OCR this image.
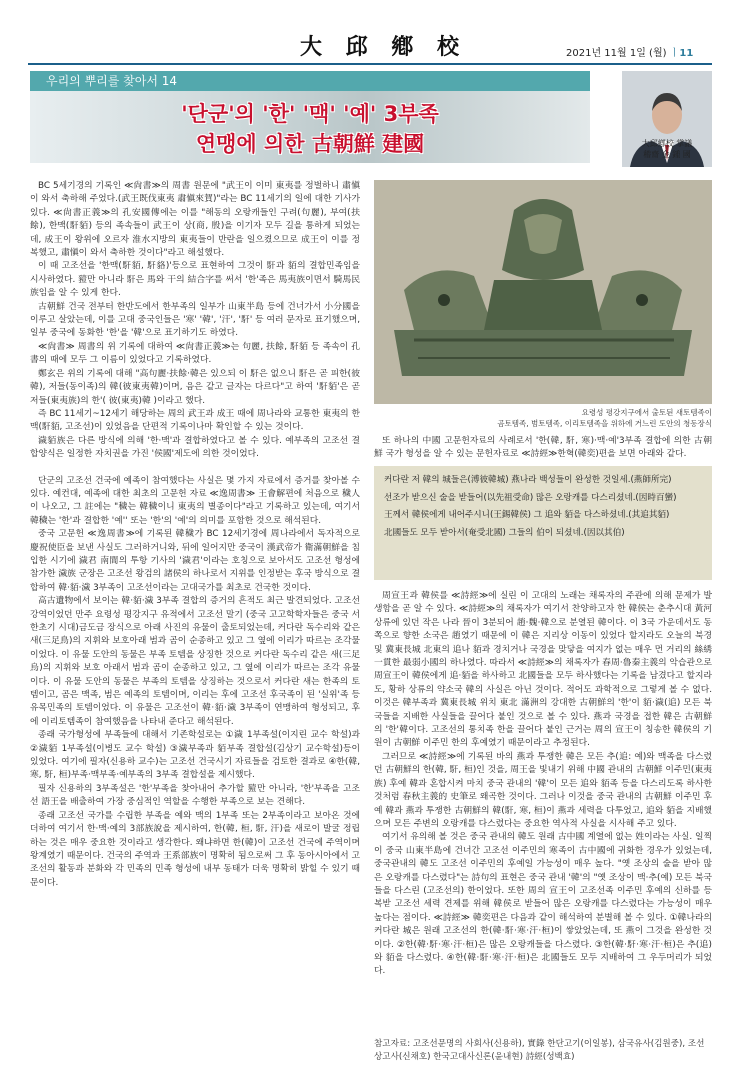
大 邱 鄕 校	2021년 11월 1일 (월) ㅣ11
우리의 뿌리를 찾아서 14
'단군'의 '한' '맥' '예' 3부족
연맹에 의한 古朝鮮 建國	大邱鄕校 掌議
稽齋 金 鍾 國

BC 5세기경의 기록인 ≪尙書≫의 周書 원문에 "武王이 이미 東夷를 정벌하니 肅愼이 와서 축하해 주었다.(武王既伐東夷 肅愼來賀)"라는 BC 11세기의 일에 대한 기사가 있다. ≪尙書正義≫의 孔安國傳에는 이를 "해동의 오랑캐들인 구려(句麗), 부여(扶餘), 한맥(馯貊) 등의 족속들이 武王이 상(商, 殷)을 이기자 모두 길을 통하게 되었는데, 成王이 왕위에 오르자 淮水지방의 東夷들이 반란을 일으켰으므로 成王이 이를 정복했고, 肅愼이 와서 축하한 것이다"라고 해설했다.

이 때 고조선을 '한맥(馯貊, 馯貉)'등으로 표현하여 그것이 馯과 貊의 결합민족임을 시사하였다. 豷만 아니라 馯은 馬와 干의 結合字를 써서 '한'족은 馬夷族이면서 騎馬民族임을 알 수 있게 한다.

古朝鮮 건국 전부터 한반도에서 한부족의 일부가 山東半島 등에 건너가서 小分國을 이루고 살았는데, 이를 고대 중국인들은 '寒' '韓', '汗', '馯' 등 여러 문자로 표기했으며, 일부 중국에 동화한 '한'을 '韓'으로 표기하기도 하였다.

≪尙書≫ 周書의 위 기록에 대하여 ≪尙書正義≫는 句麗, 扶餘, 馯貊 등 족속이 孔書의 때에 모두 그 이름이 있었다고 기록하였다.

鄭玄은 위의 기록에 대해 "高句麗·扶餘·韓은 있으되 이 馯은 없으니 馯은 곧 피한(彼韓), 저들(동이족)의 韓(彼東夷韓)이며, 음은 같고 글자는 다르다"고 하여 '馯貊'은 곧 저들(東夷族)의 한'( 彼(東夷)韓 )이라고 했다.

즉 BC 11세기~12세기 해당하는 周의 武王과 成王 때에 周나라와 교통한 東夷의 한맥(馯貊, 고조선)이 있었음을 단편적 기록이나마 확인할 수 있는 것이다.

濊貊族은 다른 방식에 의해 '한·맥'과 결합하였다고 볼 수 있다. 예부족의 고조선 결합양식은 일정한 자치권을 가진 '侯國'제도에 의한 것이었다.

단군의 고조선 건국에 예족이 참여했다는 사실은 몇 가지 자료에서 증거를 찾아볼 수 있다. 예컨대, 예족에 대한 최초의 고문헌 자료 ≪逸周書≫ 王會解편에 처음으로 穢人이 나오고, 그 註에는 "穢는 韓穢이니 東夷의 별종이다"라고 기록하고 있는데, 여기서 韓穢는 '한'과 결합한 '예'' 또는 '한'의 '예'의 의미를 포함한 것으로 해석된다.

중국 고문헌 ≪逸周書≫에 기록된 韓穢가 BC 12세기경에 周나라에서 독자적으로 慶祝使臣을 보낸 사실도 그러하거니와, 뒤에 일어지만 중국이 漢武帝가 衛滿朝鮮을 침입한 시기에 濊君 南閭의 투항 기사의 '濊君'이라는 호칭으로 보아서도 고조선 형성에 참가한 濊族 군장은 고조선 왕검의 諸侯의 하나로서 지위를 인정받는 후국 방식으로 결합하여 韓·貊·濊 3부족이 고조선이라는 고대국가를 최초로 건국한 것이다.

高古遺物에서 보이는 韓·貊·濊 3부족 결합의 증거의 흔적도 최근 발견되었다. 고조선 강역이었던 만주 요령성 평강지구 유적에서 고조선 말기 (중국 고고학학자들은 중국 서한초기 시대)금도금 장식으로 아래 사진의 유물이 출토되었는데, 커다란 독수리와 같은 새(三足鳥)의 지휘와 보호아래 범과 곰이 순종하고 있고 그 옆에 이리가 따르는 조각물이었다. 이 유물 도안의 동물은 부족 토템을 상징한 것으로 커다란 독수리 같은 새(三足烏)의 지휘와 보호 아래서 범과 곰이 순종하고 있고, 그 옆에 이리가 따르는 조각 유물이다. 이 유물 도안의 동물은 부족의 토템을 상징하는 것으로서 커다란 새는 한족의 토템이고, 곰은 맥족, 범은 예족의 토템이며, 이리는 후에 고조선 후국족이 된 '실위'족 등 유목민족의 토템이었다. 이 유물은 고조선이 韓·貊·濊 3부족이 연맹하여 형성되고, 후에 이리토템족이 참여했음을 나타내 준다고 해석된다.

종래 국가형성에 부족들에 대해서 기존학설로는 ①濊 1부족설(이지린 교수 학설)과 ②濊貊 1부족설(이병도 교수 학설) ③濊부족과 貊부족 결합설(김상기 교수학설)등이 있었다. 여기에 필자(신용하 교수)는 고조선 건국시기 자료들을 검토한 결과로 ④한(韓, 寒, 馯, 桓)부족·맥부족·예부족의 3부족 결합설을 제시했다.

필자 신용하의 3부족설은 '한'부족을 찾아내어 추가할 豷만 아니라, '한'부족을 고조선 語王을 배출하여 가장 중심적인 역할을 수행한 부족으로 보는 견해다.

종래 고조선 국가를 수립한 부족을 예와 맥의 1부족 또는 2부족이라고 보아온 것에 더하여 여기서 한·맥·예의 3部族說을 제시하여, 한(韓, 桓, 馯, 汗)을 새로이 발굴 정립하는 것은 매우 중요한 것이라고 생각한다. 왜냐하면 한(韓)이 고조선 건국에 주역이며 왕계였기 때문이다. 건국의 주역과 王系部族이 명확히 됨으로써 그 후 동아시아에서 고조선의 활동과 분화와 각 민족의 민족 형성에 내부 동태가 더욱 명확히 밝힐 수 있기 때문이다.

요령성 평강지구에서 출토된 새토템족이
곰토템족, 범토템족, 이리토템족을 위하에 거느린 도안의 청동장식

또 하나의 中國 고문헌자료의 사례로서 '한(韓, 馯, 寒)·맥·예'3부족 결합에 의한 古朝鮮 국가 형성을 알 수 있는 문헌자료로 ≪詩經≫한혁(韓奕)편을 보면 아래와 같다.

커다란 저 韓의 城들은(溥彼韓城) 燕나라 백성들이 완성한 것일세.(燕師所完)
선조가 받으신 술을 받들어(以先祖受命) 많은 오랑캐를 다스리셨네.(因時百蠻)
王께서 韓侯에게 내어주시니(王錫韓侯) 그 追와 貊을 다스하셨네.(其追其貊)
北國들도 모두 받아서(奄受北國) 그들의 伯이 되셨네.(因以其伯)

周宣王과 韓侯를 ≪詩經≫에 실린 이 고대의 노래는 채록자의 주관에 의해 문제가 발생함을 곧 알 수 있다. ≪詩經≫의 채록자가 여기서 찬양하고자 한 韓侯는 춘추시대 黃河상류에 있던 작은 나라 晉이 3분되어 趙·魏·韓으로 분열된 韓이다. 이 3국 가운데서도 동쪽으로 향한 소국은 趙였기 때문에 이 韓은 지리상 이동이 있었다 할지라도 오늘의 북경 및 冀東長城 北東의 追나 貊과 경치거나 국경을 맞닿을 여지가 없는 매우 먼 거리의 絲綉一貫한 最弱小國의 하나였다. 따라서 ≪詩經≫의 채록자가 春周·魯秦主義의 악습관으로 周宣王이 韓侯에게 追·貊을 하사하고 北國들을 모두 하사했다는 기록을 남겼다고 할지라도, 황하 상류의 약소국 韓의 사실은 아닌 것이다. 적어도 과학적으로 그렇게 볼 수 없다. 이것은 韓부족과 冀東長城 위치 東北 滿洲의 강대한 古朝鮮의 '한'이 貊·濊(追) 모든 북국들을 지배한 사실들을 끌어다 붙인 것으로 볼 수 있다. 燕과 국경을 접한 韓은 古朝鮮의 '한'韓이다. 고조선의 통치족 한을 끌어다 붙인 근거는 周의 宣王이 칭송한 韓侯의 기원이 古朝鮮 이주민 한의 후예였기 때문이라고 추정된다.

그러므로 ≪詩經≫에 기록된 바의 燕과 투쟁한 韓은 모든 추(追: 예)와 맥족을 다스렸던 古朝鮮의 한(韓, 馯, 桓)인 것을, 周王을 빛내기 위해 中國 관내의 古朝鮮 이주민(東夷族) 후예 韓과 혼합시켜 마치 중국 관내의 '韓'이 모든 追와 貊족 등을 다스리도록 하사한 것처럼 春秋主義的 史筆로 왜곡한 것이다. 그러나 이것을 중국 관내의 古朝鮮 이주민 후예 韓과 燕과 투쟁한 古朝鮮의 韓(馯, 寒, 桓)이 燕과 세력을 다투었고, 追와 貊을 지배했으며 모든 주변의 오랑캐를 다스렸다는 중요한 역사적 사실을 시사해 주고 있다.

여기서 유의해 볼 것은 중국 관내의 韓도 원래 古中國 계열에 없는 姓이라는 사실. 일찍이 중국 山東半島에 건너간 고조선 이주민의 寒족이 古中國에 귀화한 경우가 있었는데, 중국관내의 韓도 고조선 이주민의 후예일 가능성이 매우 높다. "옛 조상의 술을 받아 많은 오랑캐를 다스렸다"는 詩句의 표현은 중국 관내 '韓'의 "옛 조상이 맥·추(예) 모든 북국들을 다스린 (고조선의) 한이었다. 또한 周의 宣王이 고조선족 이주민 후예의 신하를 등복받 고조선 세력 견제를 위해 韓侯로 받들어 많은 오랑캐를 다스렸다는 가능성이 매우 높다는 점이다. ≪詩經≫ 韓奕편은 다음과 같이 해석하여 분별해 볼 수 있다. ①韓나라의 커다란 城은 원래 고조선의 한(韓·馯·寒·汗·桓)이 쌓았었는데, 또 燕이 그것을 완성한 것이다. ②한(韓·馯·寒·汗·桓)은 많은 오랑캐들을 다스렸다. ③한(韓·馯·寒·汗·桓)은 추(追)와 貊을 다스렸다. ④한(韓·馯·寒·汗·桓)은 北國들도 모두 지배하여 그 우두머리가 되었다.

참고자료: 고조선문명의 사회사(신용하), 實錄 한단고기(이일봉), 삼국유사(김원중), 조선상고사(신채호) 한국고대사신론(윤내현) 詩經(성백효)
